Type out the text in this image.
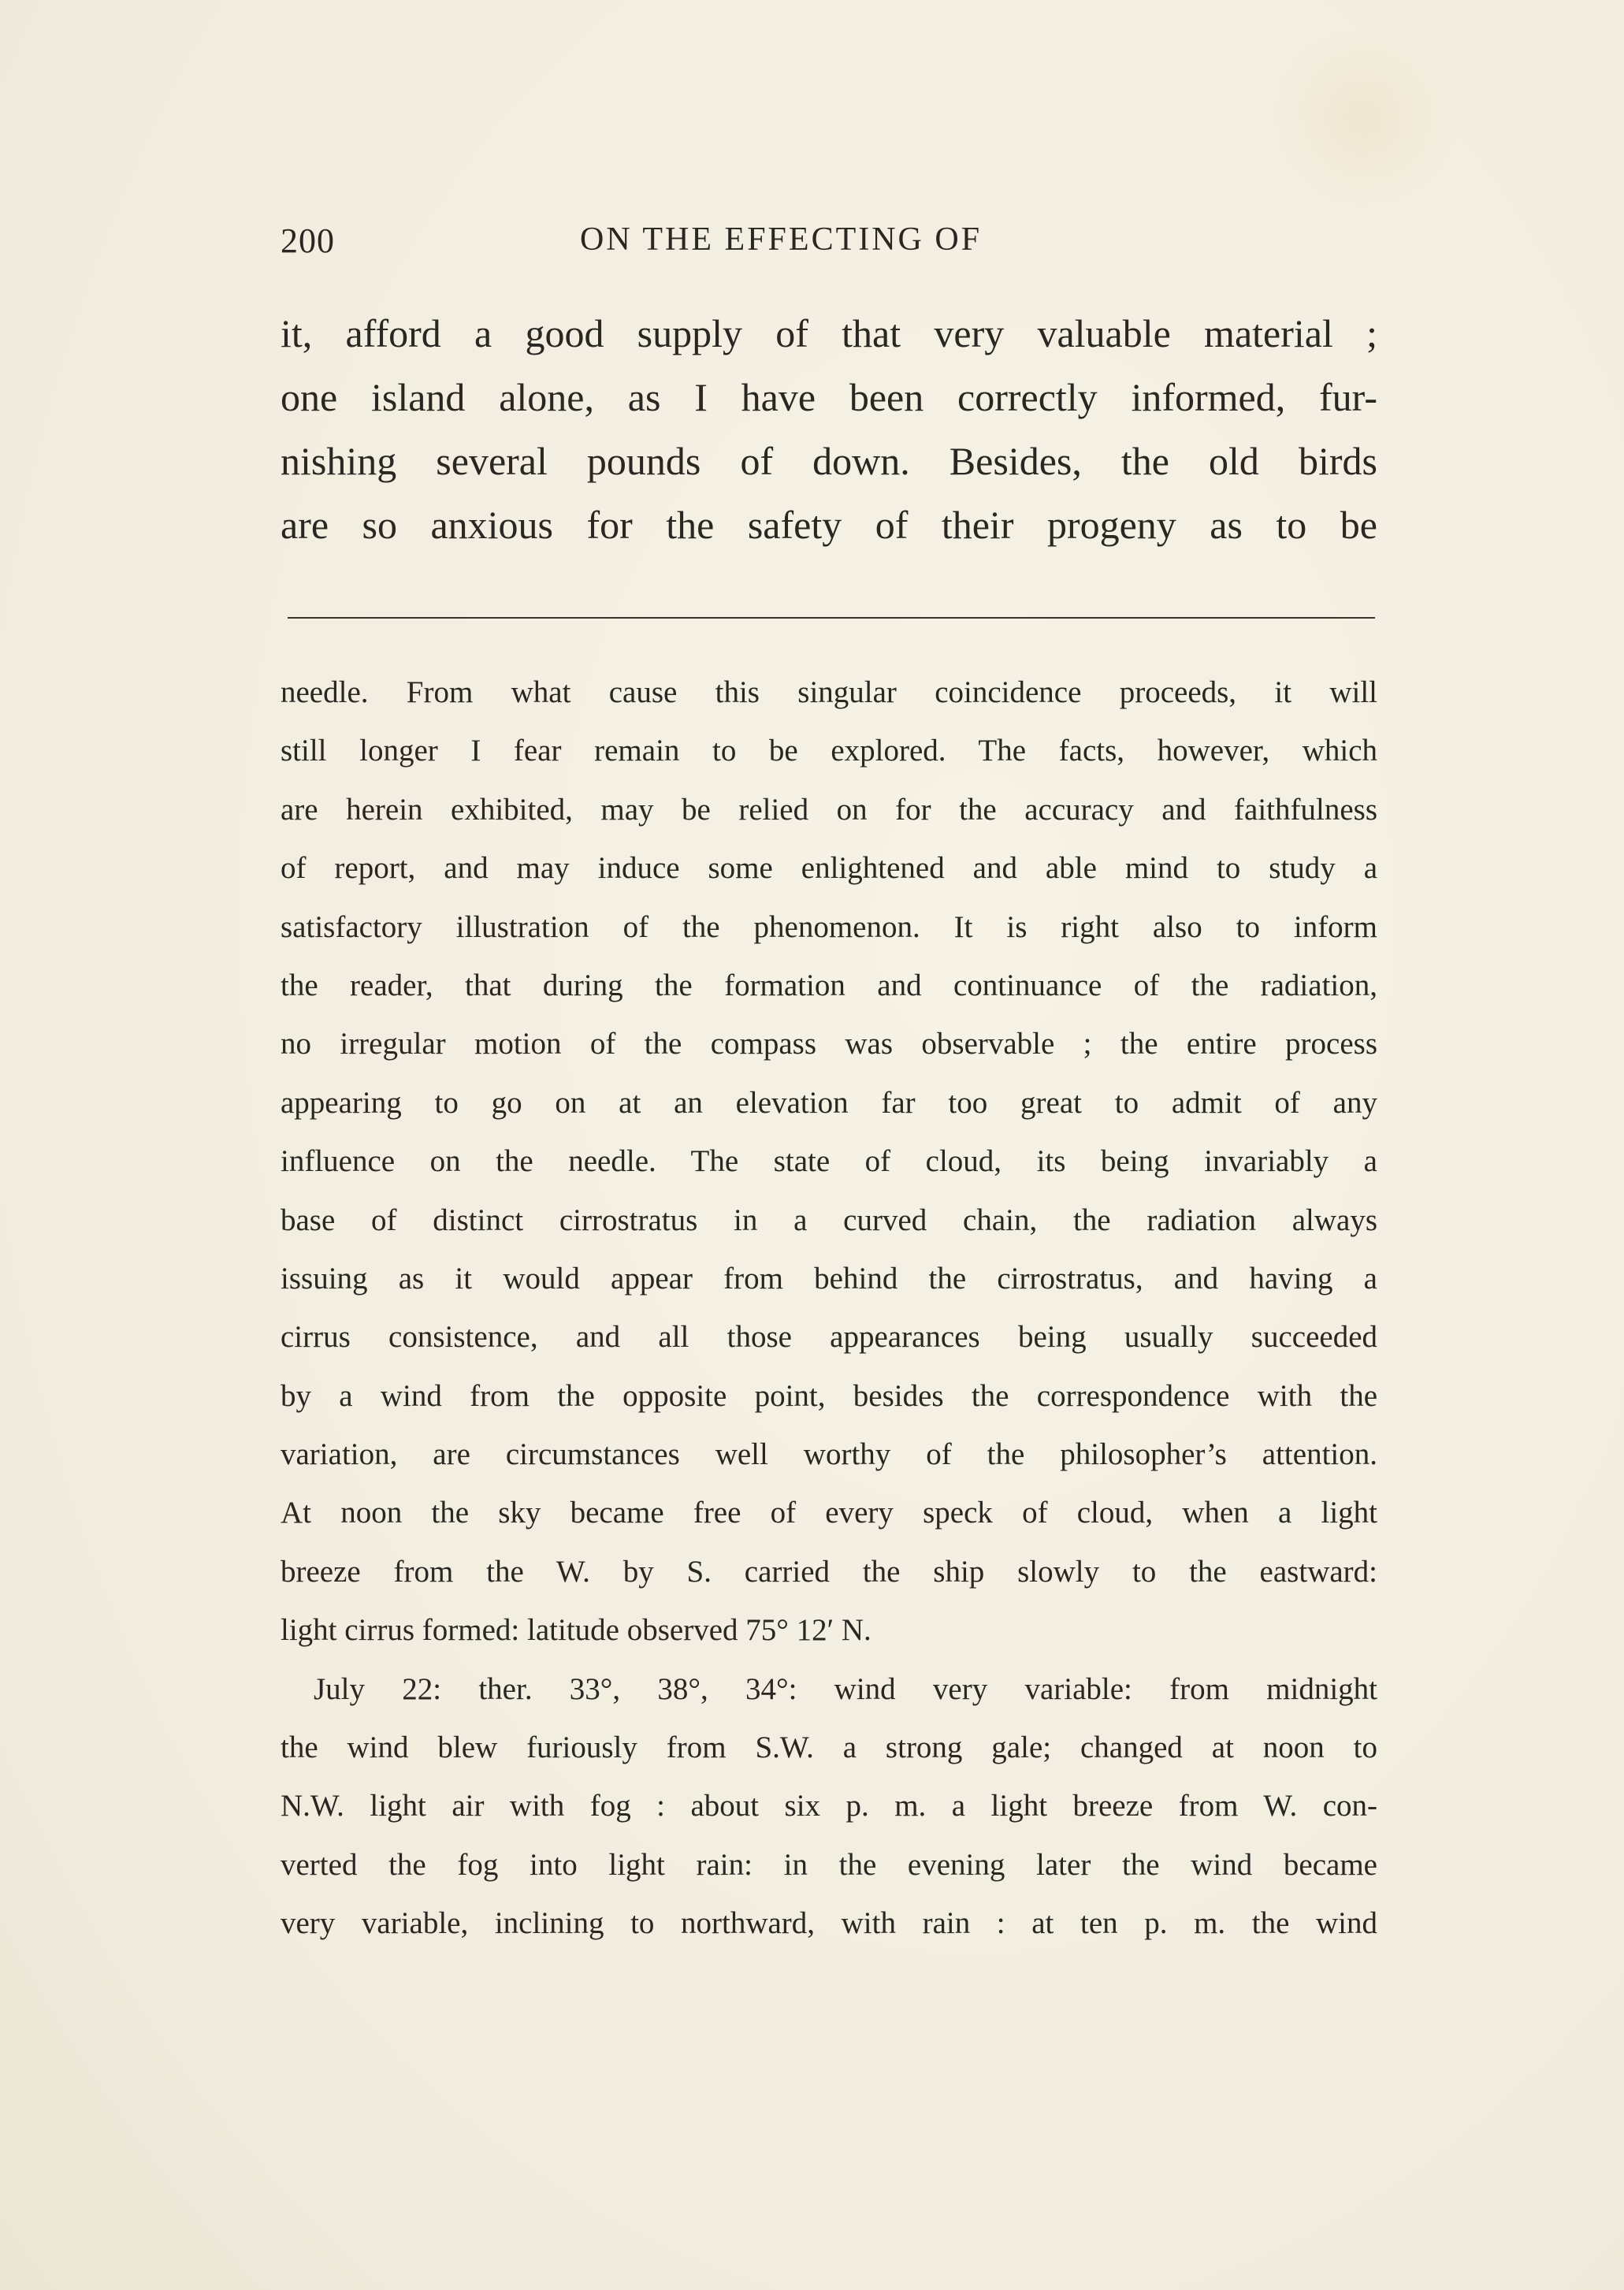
200	ON THE EFFECTING OF
it, afford a good supply of that very valuable material ;
one island alone, as I have been correctly informed, fur-
nishing several pounds of down. Besides, the old birds
are so anxious for the safety of their progeny as to be
needle. From what cause this singular coincidence proceeds, it will
still longer I fear remain to be explored. The facts, however, which
are herein exhibited, may be relied on for the accuracy and faithfulness
of report, and may induce some enlightened and able mind to study a
satisfactory illustration of the phenomenon. It is right also to inform
the reader, that during the formation and continuance of the radiation,
no irregular motion of the compass was observable ; the entire process
appearing to go on at an elevation far too great to admit of any
influence on the needle. The state of cloud, its being invariably a
base of distinct cirrostratus in a curved chain, the radiation always
issuing as it would appear from behind the cirrostratus, and having a
cirrus consistence, and all those appearances being usually succeeded
by a wind from the opposite point, besides the correspondence with the
variation, are circumstances well worthy of the philosopher’s attention.
At noon the sky became free of every speck of cloud, when a light
breeze from the W. by S. carried the ship slowly to the eastward:
light cirrus formed: latitude observed 75° 12′ N.
July 22: ther. 33°, 38°, 34°: wind very variable: from midnight
the wind blew furiously from S.W. a strong gale; changed at noon to
N.W. light air with fog : about six p. m. a light breeze from W. con-
verted the fog into light rain: in the evening later the wind became
very variable, inclining to northward, with rain : at ten p. m. the wind
